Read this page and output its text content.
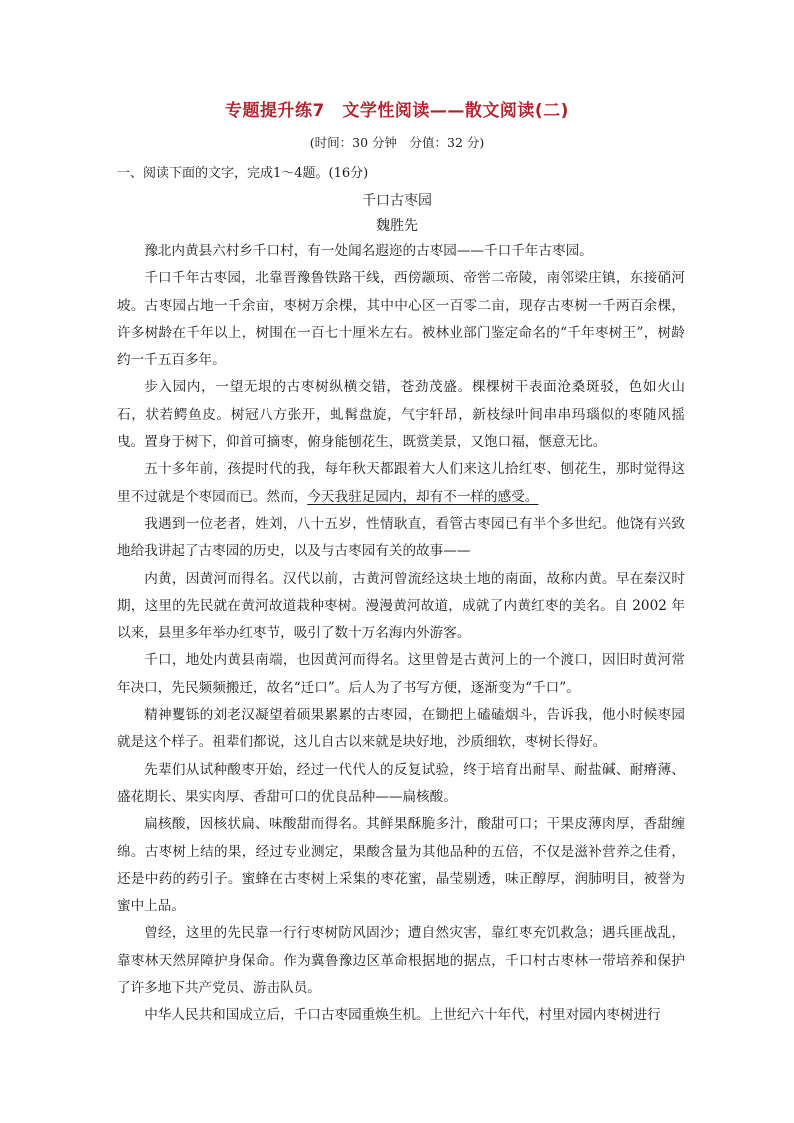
专题提升练7　文学性阅读——散文阅读(二)
(时间：30 分钟　分值：32 分)
一、阅读下面的文字，完成1～4题。(16分)
千口古枣园
魏胜先

豫北内黄县六村乡千口村，有一处闻名遐迩的古枣园——千口千年古枣园。

千口千年古枣园，北靠晋豫鲁铁路干线，西傍颛顼、帝喾二帝陵，南邻梁庄镇，东接硝河坡。古枣园占地一千余亩，枣树万余棵，其中中心区一百零二亩，现存古枣树一千两百余棵，许多树龄在千年以上，树围在一百七十厘米左右。被林业部门鉴定命名的“千年枣树王”，树龄约一千五百多年。

步入园内，一望无垠的古枣树纵横交错，苍劲茂盛。棵棵树干表面沧桑斑驳，色如火山石，状若鳄鱼皮。树冠八方张开，虬髯盘旋，气宇轩昂，新枝绿叶间串串玛瑙似的枣随风摇曳。置身于树下，仰首可摘枣，俯身能刨花生，既赏美景，又饱口福，惬意无比。

五十多年前，孩提时代的我，每年秋天都跟着大人们来这儿拾红枣、刨花生，那时觉得这里不过就是个枣园而已。然而，今天我驻足园内，却有不一样的感受。

我遇到一位老者，姓刘，八十五岁，性情耿直，看管古枣园已有半个多世纪。他饶有兴致地给我讲起了古枣园的历史，以及与古枣园有关的故事——

内黄，因黄河而得名。汉代以前，古黄河曾流经这块土地的南面，故称内黄。早在秦汉时期，这里的先民就在黄河故道栽种枣树。漫漫黄河故道，成就了内黄红枣的美名。自 2002 年以来，县里多年举办红枣节，吸引了数十万名海内外游客。

千口，地处内黄县南端，也因黄河而得名。这里曾是古黄河上的一个渡口，因旧时黄河常年决口，先民频频搬迁，故名“迁口”。后人为了书写方便，逐渐变为“千口”。

精神矍铄的刘老汉凝望着硕果累累的古枣园，在锄把上磕磕烟斗，告诉我，他小时候枣园就是这个样子。祖辈们都说，这儿自古以来就是块好地，沙质细软，枣树长得好。

先辈们从试种酸枣开始，经过一代代人的反复试验，终于培育出耐旱、耐盐碱、耐瘠薄、盛花期长、果实肉厚、香甜可口的优良品种——扁核酸。

扁核酸，因核状扁、味酸甜而得名。其鲜果酥脆多汁，酸甜可口；干果皮薄肉厚，香甜缠绵。古枣树上结的果，经过专业测定，果酸含量为其他品种的五倍，不仅是滋补营养之佳肴，还是中药的药引子。蜜蜂在古枣树上采集的枣花蜜，晶莹剔透，味正醇厚，润肺明目，被誉为蜜中上品。

曾经，这里的先民靠一行行枣树防风固沙；遭自然灾害，靠红枣充饥救急；遇兵匪战乱，靠枣林天然屏障护身保命。作为冀鲁豫边区革命根据地的据点，千口村古枣林一带培养和保护了许多地下共产党员、游击队员。

中华人民共和国成立后，千口古枣园重焕生机。上世纪六十年代，村里对园内枣树进行
